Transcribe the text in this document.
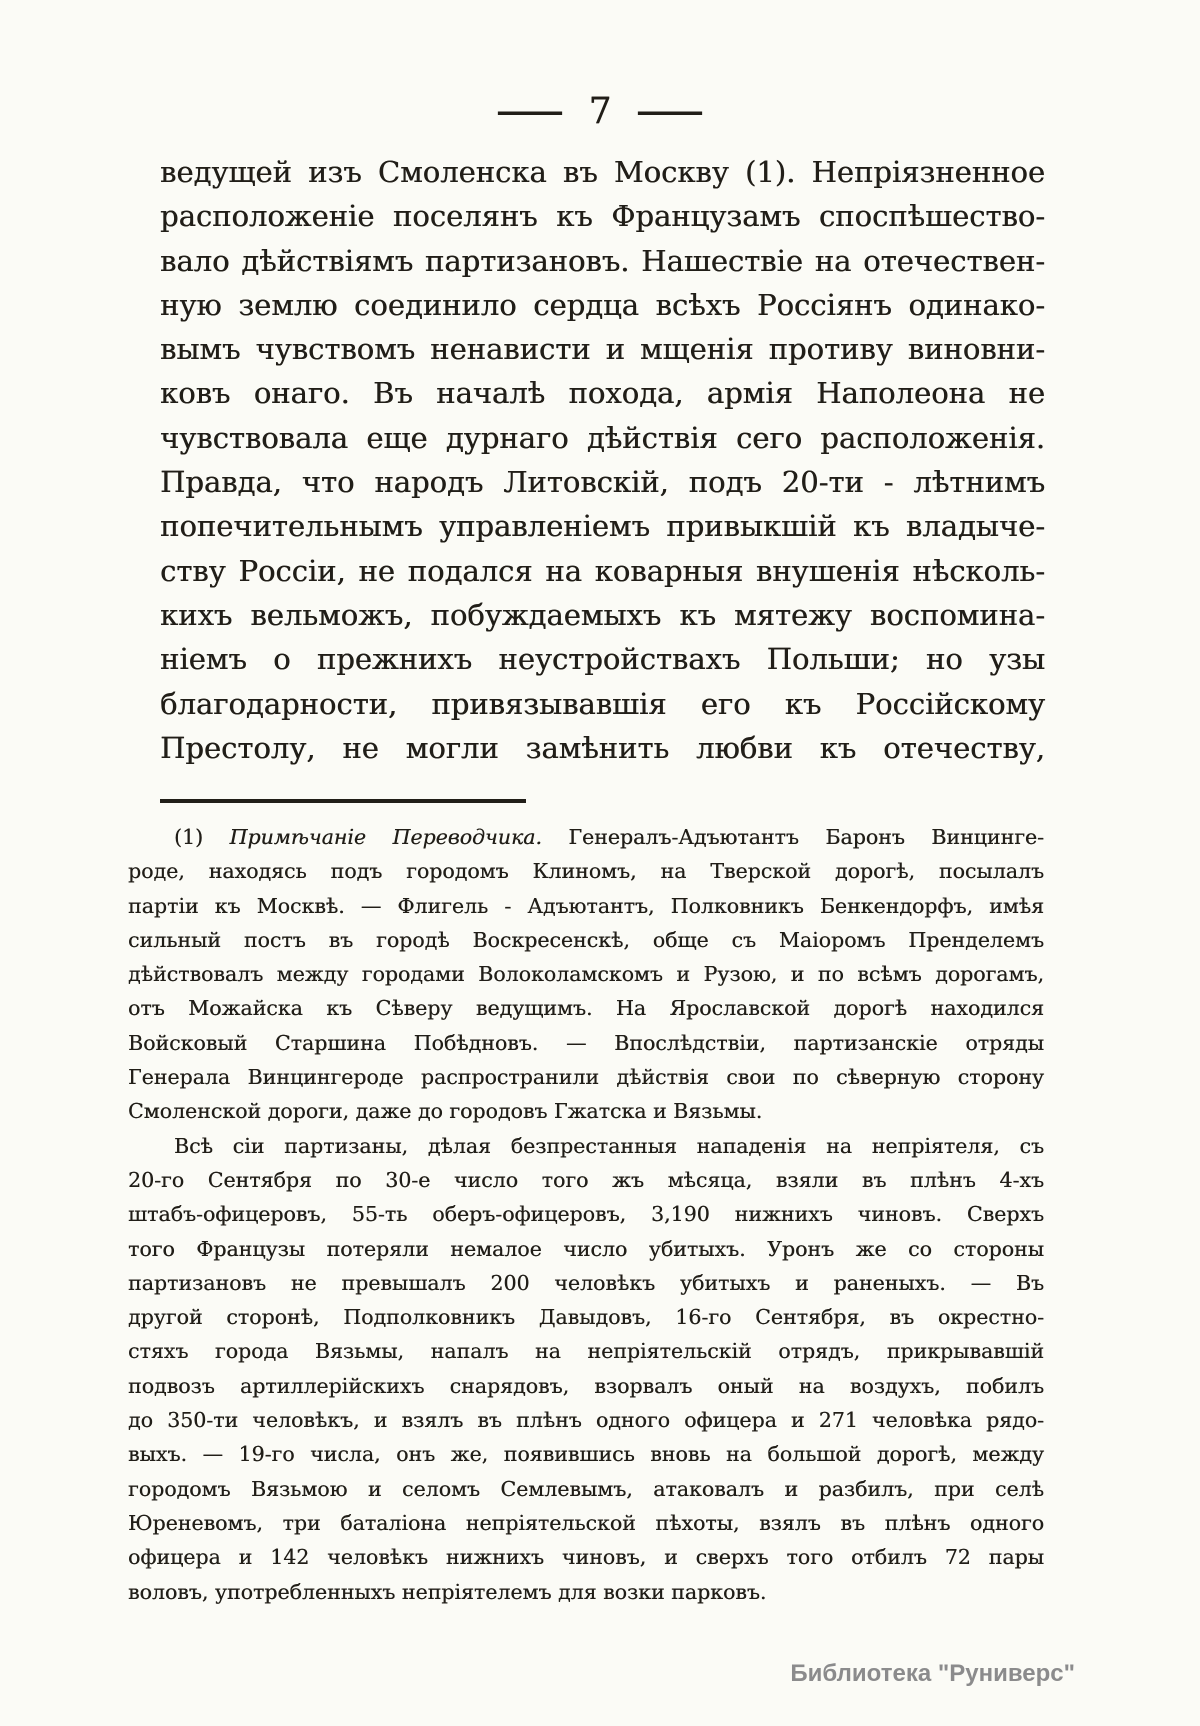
— 7 —
ведущей изъ Смоленска въ Москву (1). Непріязненное
расположеніе поселянъ къ Французамъ споспѣшество-
вало дѣйствіямъ партизановъ. Нашествіе на отечествен-
ную землю соединило сердца всѣхъ Россіянъ одинако-
вымъ чувствомъ ненависти и мщенія противу виновни-
ковъ онаго. Въ началѣ похода, армія Наполеона не
чувствовала еще дурнаго дѣйствія сего расположенія.
Правда, что народъ Литовскій, подъ 20-ти - лѣтнимъ
попечительнымъ управленіемъ привыкшій къ владыче-
ству Россіи, не подался на коварныя внушенія нѣсколь-
кихъ вельможъ, побуждаемыхъ къ мятежу воспомина-
ніемъ о прежнихъ неустройствахъ Польши; но узы
благодарности, привязывавшія его къ Россійскому
Престолу, не могли замѣнить любви къ отечеству,
(1) Примѣчаніе Переводчика. Генералъ-Адъютантъ Баронъ Винцинге-
роде, находясь подъ городомъ Клиномъ, на Тверской дорогѣ, посылалъ
партіи къ Москвѣ. — Флигель - Адъютантъ, Полковникъ Бенкендорфъ, имѣя
сильный постъ въ городѣ Воскресенскѣ, обще съ Маіоромъ Пренделемъ
дѣйствовалъ между городами Волоколамскомъ и Рузою, и по всѣмъ дорогамъ,
отъ Можайска къ Сѣверу ведущимъ. На Ярославской дорогѣ находился
Войсковый Старшина Побѣдновъ. — Впослѣдствіи, партизанскіе отряды
Генерала Винцингероде распространили дѣйствія свои по сѣверную сторону
Смоленской дороги, даже до городовъ Гжатска и Вязьмы.
Всѣ сіи партизаны, дѣлая безпрестанныя нападенія на непріятеля, съ
20-го Сентября по 30-е число того жъ мѣсяца, взяли въ плѣнъ 4-хъ
штабъ-офицеровъ, 55-ть оберъ-офицеровъ, 3,190 нижнихъ чиновъ. Сверхъ
того Французы потеряли немалое число убитыхъ. Уронъ же со стороны
партизановъ не превышалъ 200 человѣкъ убитыхъ и раненыхъ. — Въ
другой сторонѣ, Подполковникъ Давыдовъ, 16-го Сентября, въ окрестно-
стяхъ города Вязьмы, напалъ на непріятельскій отрядъ, прикрывавшій
подвозъ артиллерійскихъ снарядовъ, взорвалъ оный на воздухъ, побилъ
до 350-ти человѣкъ, и взялъ въ плѣнъ одного офицера и 271 человѣка рядо-
выхъ. — 19-го числа, онъ же, появившись вновь на большой дорогѣ, между
городомъ Вязьмою и селомъ Семлевымъ, атаковалъ и разбилъ, при селѣ
Юреневомъ, три баталіона непріятельской пѣхоты, взялъ въ плѣнъ одного
офицера и 142 человѣкъ нижнихъ чиновъ, и сверхъ того отбилъ 72 пары
воловъ, употребленныхъ непріятелемъ для возки парковъ.
Библиотека "Руниверс"
